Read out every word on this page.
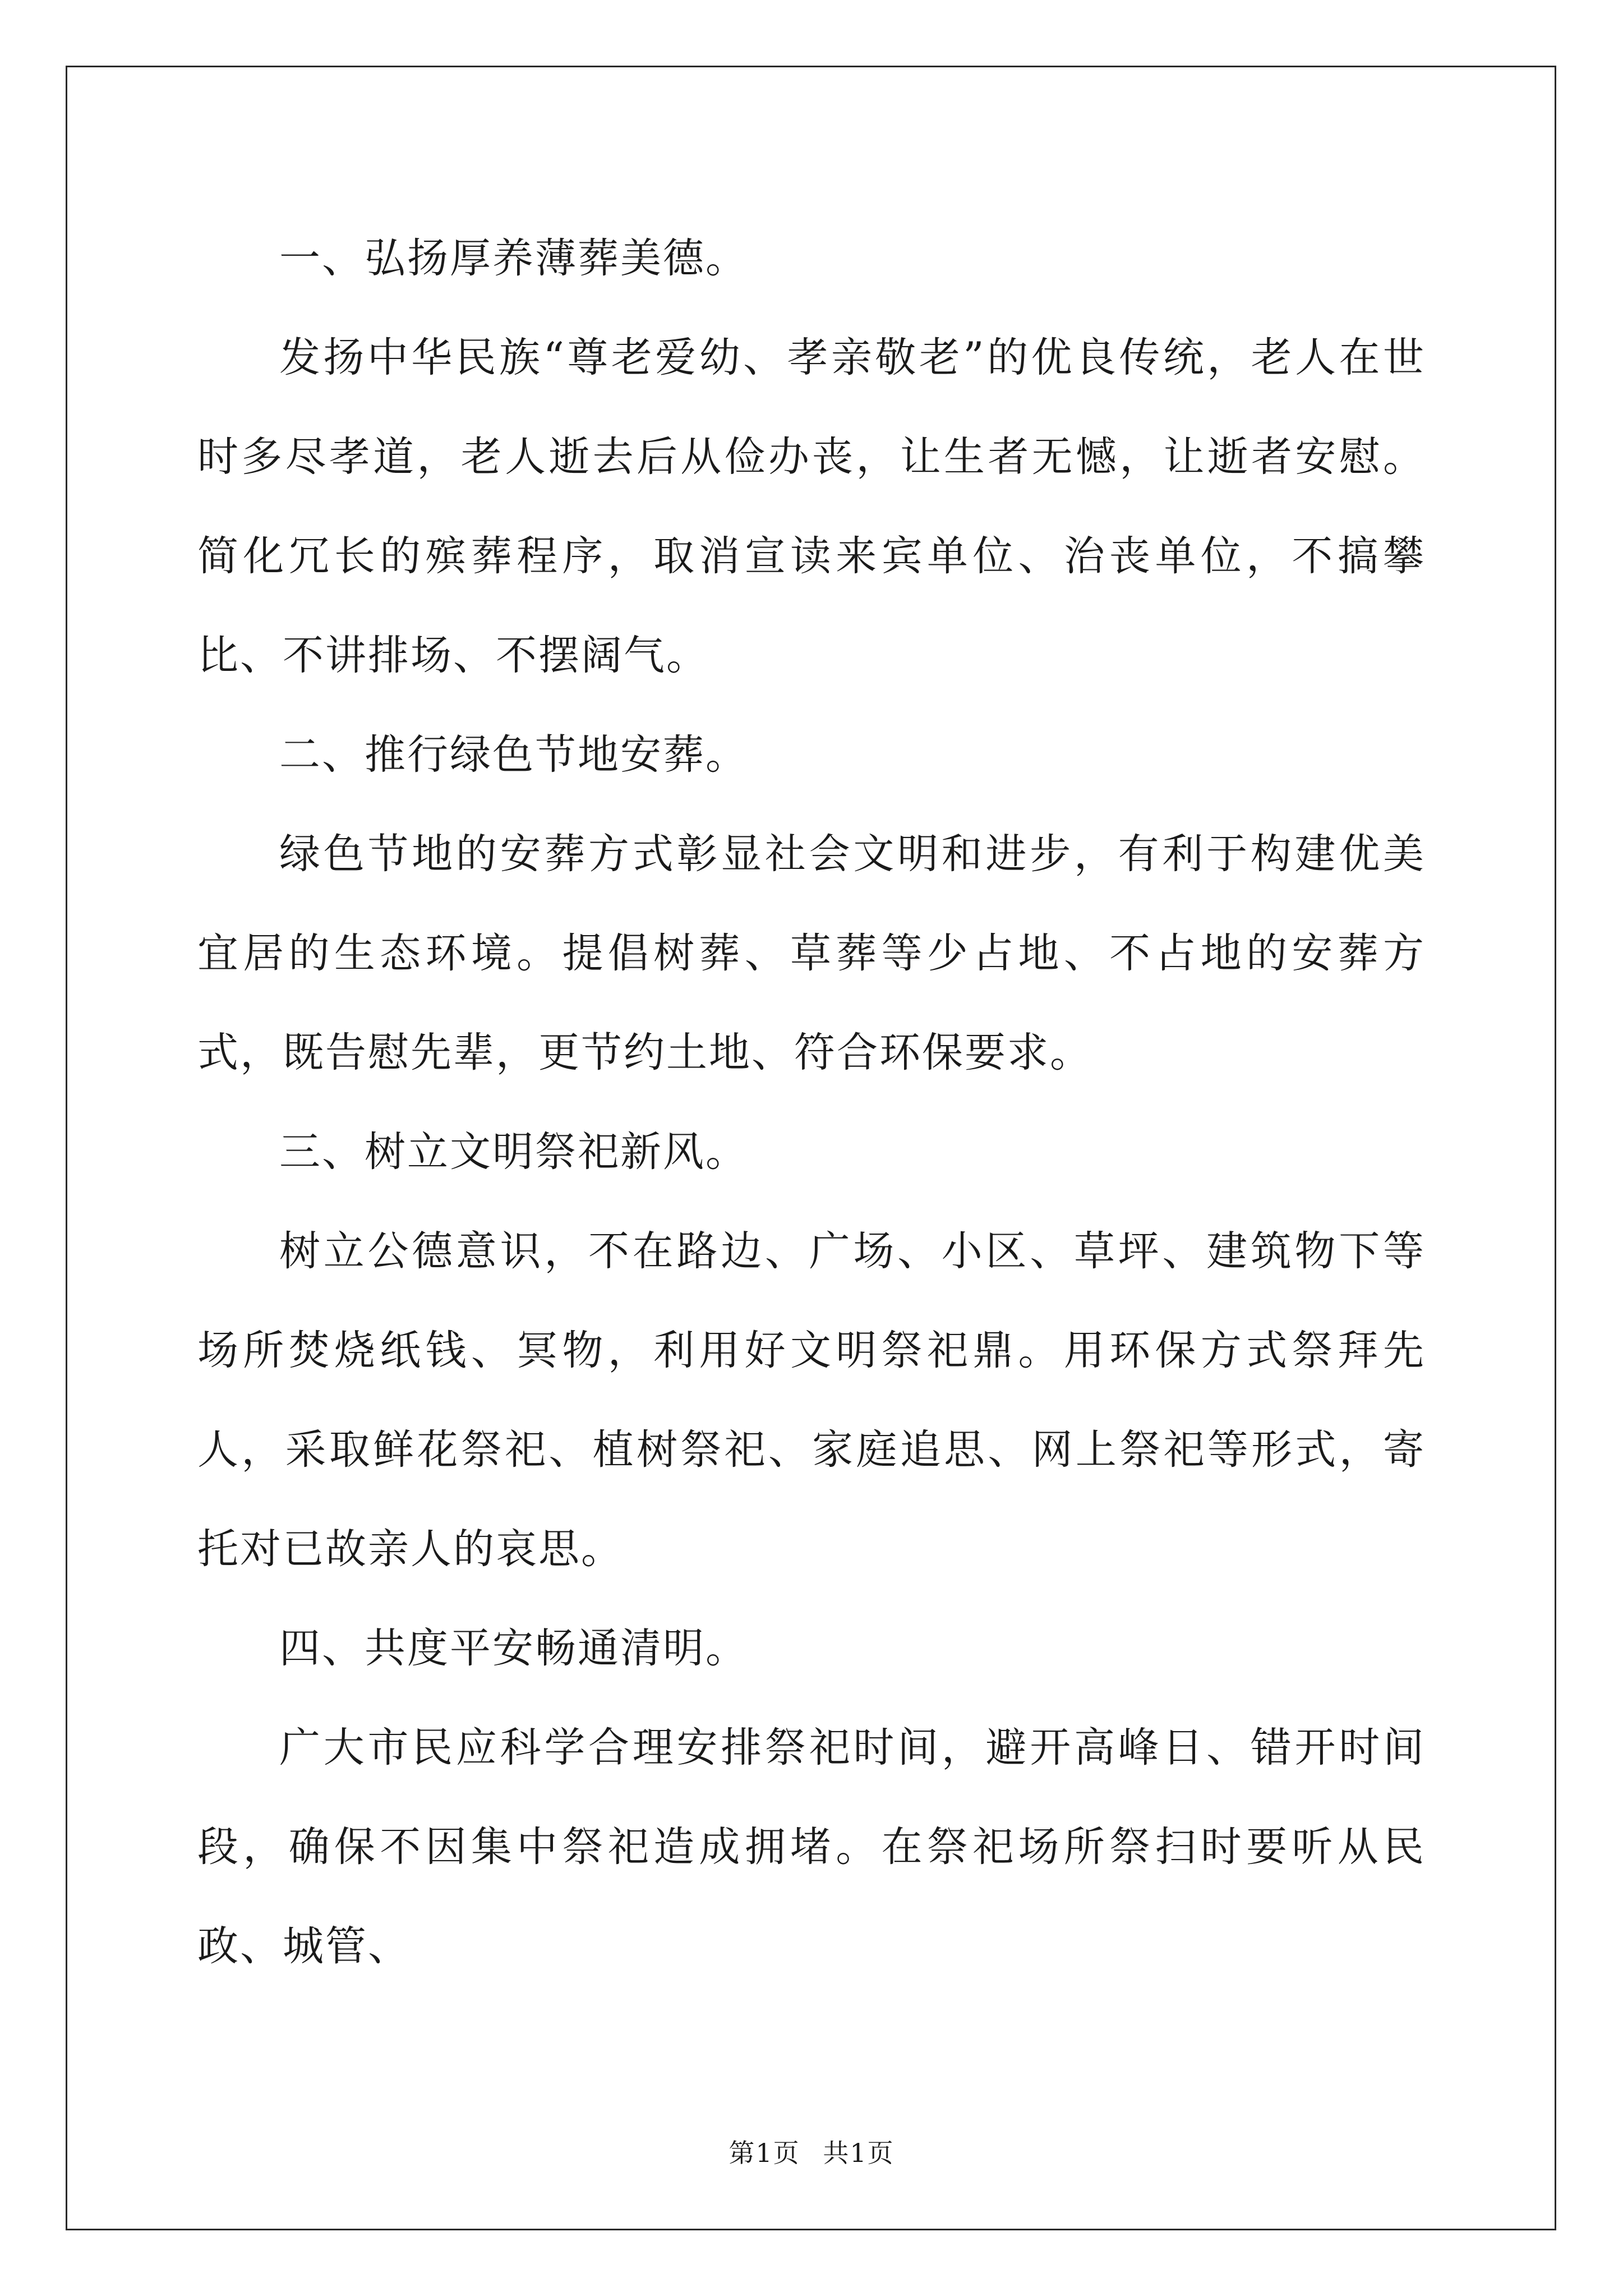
一、弘扬厚养薄葬美德。

发扬中华民族“尊老爱幼、孝亲敬老”的优良传统，老人在世时多尽孝道，老人逝去后从俭办丧，让生者无憾，让逝者安慰。简化冗长的殡葬程序，取消宣读来宾单位、治丧单位，不搞攀比、不讲排场、不摆阔气。

二、推行绿色节地安葬。

绿色节地的安葬方式彰显社会文明和进步，有利于构建优美宜居的生态环境。提倡树葬、草葬等少占地、不占地的安葬方式，既告慰先辈，更节约土地、符合环保要求。

三、树立文明祭祀新风。

树立公德意识，不在路边、广场、小区、草坪、建筑物下等场所焚烧纸钱、冥物，利用好文明祭祀鼎。用环保方式祭拜先人，采取鲜花祭祀、植树祭祀、家庭追思、网上祭祀等形式，寄托对已故亲人的哀思。

四、共度平安畅通清明。

广大市民应科学合理安排祭祀时间，避开高峰日、错开时间段，确保不因集中祭祀造成拥堵。在祭祀场所祭扫时要听从民政、城管、

第1页 共1页
